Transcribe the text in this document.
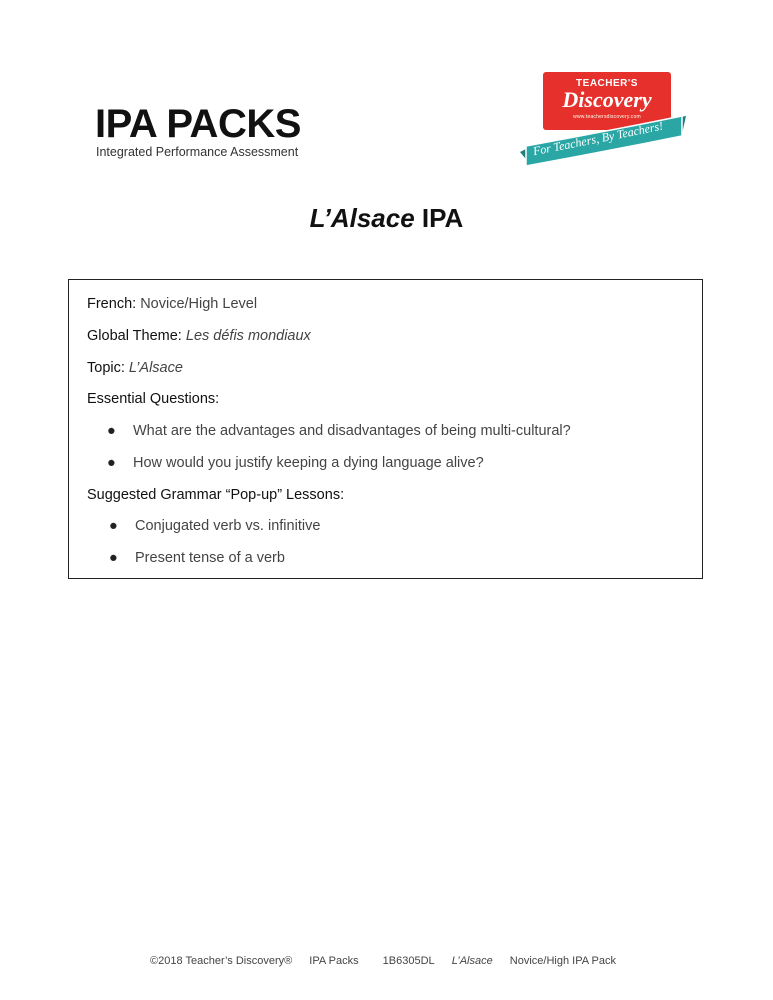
IPA PACKS
Integrated Performance Assessment
TEACHER'S
Discovery
www.teachersdiscovery.com
For Teachers, By Teachers!
L’Alsace IPA
French: Novice/High Level
Global Theme: Les défis mondiaux
Topic: L’Alsace
Essential Questions:
● What are the advantages and disadvantages of being multi-cultural?
● How would you justify keeping a dying language alive?
Suggested Grammar “Pop-up” Lessons:
● Conjugated verb vs. infinitive
● Present tense of a verb
©2018 Teacher’s Discovery® IPA Packs 1B6305DL L’Alsace Novice/High IPA Pack
